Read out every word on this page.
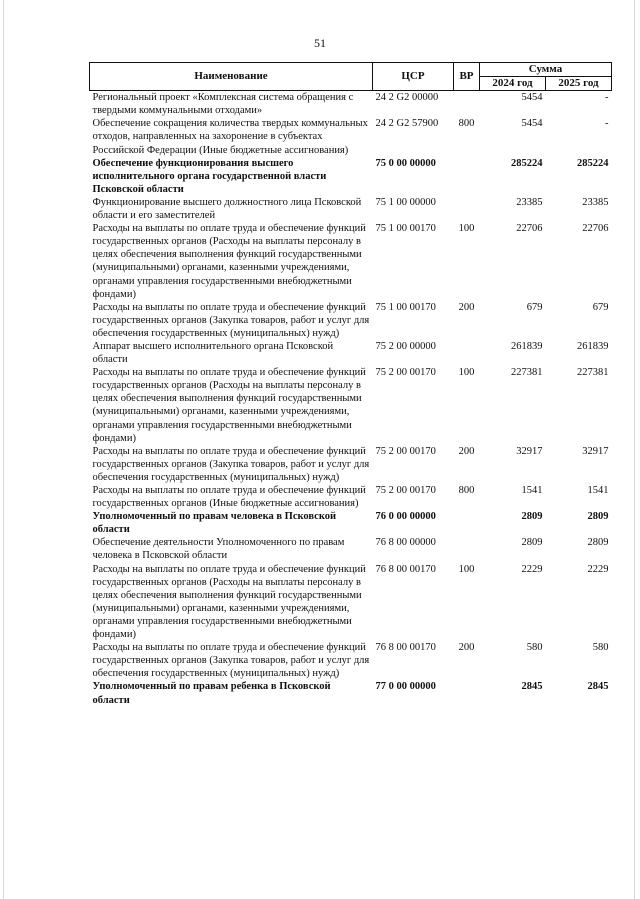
51
Наименование	ЦСР	ВР	Сумма	
			2024 год	2025 год
Региональный проект «Комплексная система обращения с твердыми коммунальными отходами»	24 2 G2 00000		5454	-
Обеспечение сокращения количества твердых коммунальных отходов, направленных на захоронение в субъектах Российской Федерации (Иные бюджетные ассигнования)	24 2 G2 57900	800	5454	-
Обеспечение функционирования высшего исполнительного органа государственной власти Псковской области	75 0 00 00000		285224	285224
Функционирование высшего должностного лица Псковской области и его заместителей	75 1 00 00000		23385	23385
Расходы на выплаты по оплате труда и обеспечение функций государственных органов (Расходы на выплаты персоналу в целях обеспечения выполнения функций государственными (муниципальными) органами, казенными учреждениями, органами управления государственными внебюджетными фондами)	75 1 00 00170	100	22706	22706
Расходы на выплаты по оплате труда и обеспечение функций государственных органов (Закупка товаров, работ и услуг для обеспечения государственных (муниципальных) нужд)	75 1 00 00170	200	679	679
Аппарат высшего исполнительного органа Псковской области	75 2 00 00000		261839	261839
Расходы на выплаты по оплате труда и обеспечение функций государственных органов (Расходы на выплаты персоналу в целях обеспечения выполнения функций государственными (муниципальными) органами, казенными учреждениями, органами управления государственными внебюджетными фондами)	75 2 00 00170	100	227381	227381
Расходы на выплаты по оплате труда и обеспечение функций государственных органов (Закупка товаров, работ и услуг для обеспечения государственных (муниципальных) нужд)	75 2 00 00170	200	32917	32917
Расходы на выплаты по оплате труда и обеспечение функций государственных органов (Иные бюджетные ассигнования)	75 2 00 00170	800	1541	1541
Уполномоченный по правам человека в Псковской области	76 0 00 00000		2809	2809
Обеспечение деятельности Уполномоченного по правам человека в Псковской области	76 8 00 00000		2809	2809
Расходы на выплаты по оплате труда и обеспечение функций государственных органов (Расходы на выплаты персоналу в целях обеспечения выполнения функций государственными (муниципальными) органами, казенными учреждениями, органами управления государственными внебюджетными фондами)	76 8 00 00170	100	2229	2229
Расходы на выплаты по оплате труда и обеспечение функций государственных органов (Закупка товаров, работ и услуг для обеспечения государственных (муниципальных) нужд)	76 8 00 00170	200	580	580
Уполномоченный по правам ребенка в Псковской области	77 0 00 00000		2845	2845
